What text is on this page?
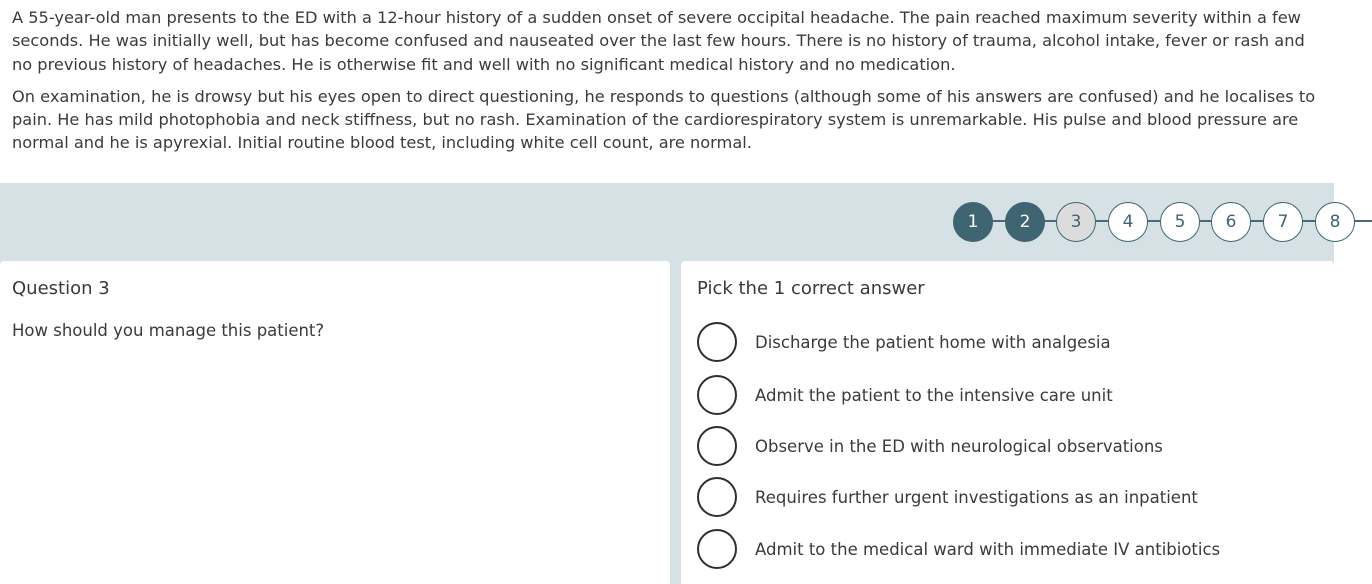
A 55-year-old man presents to the ED with a 12-hour history of a sudden onset of severe occipital headache. The pain reached maximum severity within a few seconds. He was initially well, but has become confused and nauseated over the last few hours. There is no history of trauma, alcohol intake, fever or rash and no previous history of headaches. He is otherwise fit and well with no significant medical history and no medication.

On examination, he is drowsy but his eyes open to direct questioning, he responds to questions (although some of his answers are confused) and he localises to pain. He has mild photophobia and neck stiffness, but no rash. Examination of the cardiorespiratory system is unremarkable. His pulse and blood pressure are normal and he is apyrexial. Initial routine blood test, including white cell count, are normal.

1	2	3	4	5	6	7	8
Question 3
How should you manage this patient?
Pick the 1 correct answer
Discharge the patient home with analgesia
Admit the patient to the intensive care unit
Observe in the ED with neurological observations
Requires further urgent investigations as an inpatient
Admit to the medical ward with immediate IV antibiotics
